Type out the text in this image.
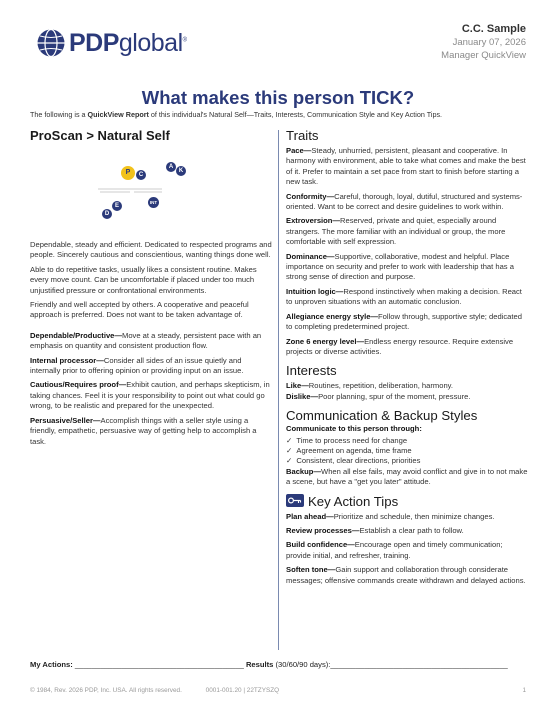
PDPglobal®
C.C. Sample
January 07, 2026
Manager QuickView
What makes this person TICK?
The following is a QuickView Report of this individual's Natural Self—Traits, Interests, Communication Style and Key Action Tips.
ProScan > Natural Self
P	C
A
K
INT
E
D
Dependable, steady and efficient. Dedicated to respected programs and people. Sincerely cautious and conscientious, wanting things done well.
Able to do repetitive tasks, usually likes a consistent routine. Makes every move count. Can be uncomfortable if placed under too much unjustified pressure or confrontational environments.
Friendly and well accepted by others. A cooperative and peaceful approach is preferred. Does not want to be taken advantage of.
Dependable/Productive—Move at a steady, persistent pace with an emphasis on quantity and consistent production flow.
Internal processor—Consider all sides of an issue quietly and internally prior to offering opinion or providing input on an issue.
Cautious/Requires proof—Exhibit caution, and perhaps skepticism, in taking chances. Feel it is your responsibility to point out what could go wrong, to be realistic and prepared for the unexpected.
Persuasive/Seller—Accomplish things with a seller style using a friendly, empathetic, persuasive way of getting help to accomplish a task.
Traits
Pace—Steady, unhurried, persistent, pleasant and cooperative. In harmony with environment, able to take what comes and make the best of it. Prefer to maintain a set pace from start to finish before starting a new task.
Conformity—Careful, thorough, loyal, dutiful, structured and systems-oriented. Want to be correct and desire guidelines to work within.
Extroversion—Reserved, private and quiet, especially around strangers. The more familiar with an individual or group, the more comfortable with self expression.
Dominance—Supportive, collaborative, modest and helpful. Place importance on security and prefer to work with leadership that has a strong sense of direction and purpose.
Intuition logic—Respond instinctively when making a decision. React to unproven situations with an automatic conclusion.
Allegiance energy style—Follow through, supportive style; dedicated to completing predetermined project.
Zone 6 energy level—Endless energy resource. Require extensive projects or diverse activities.
Interests
Like—Routines, repetition, deliberation, harmony.
Dislike—Poor planning, spur of the moment, pressure.
Communication & Backup Styles
Communicate to this person through:
✓ Time to process need for change
✓ Agreement on agenda, time frame
✓ Consistent, clear directions, priorities
Backup—When all else fails, may avoid conflict and give in to not make a scene, but have a "get you later" attitude.
Key Action Tips
Plan ahead—Prioritize and schedule, then minimize changes.
Review processes—Establish a clear path to follow.
Build confidence—Encourage open and timely communication; provide initial, and refresher, training.
Soften tone—Gain support and collaboration through considerate messages; offensive commands create withdrawn and delayed actions.
My Actions: ________________________________________ Results (30/60/90 days):__________________________________________
© 1984, Rev. 2026 PDP, Inc. USA. All rights reserved.	0001-001.20 | 22TZYSZQ	1
